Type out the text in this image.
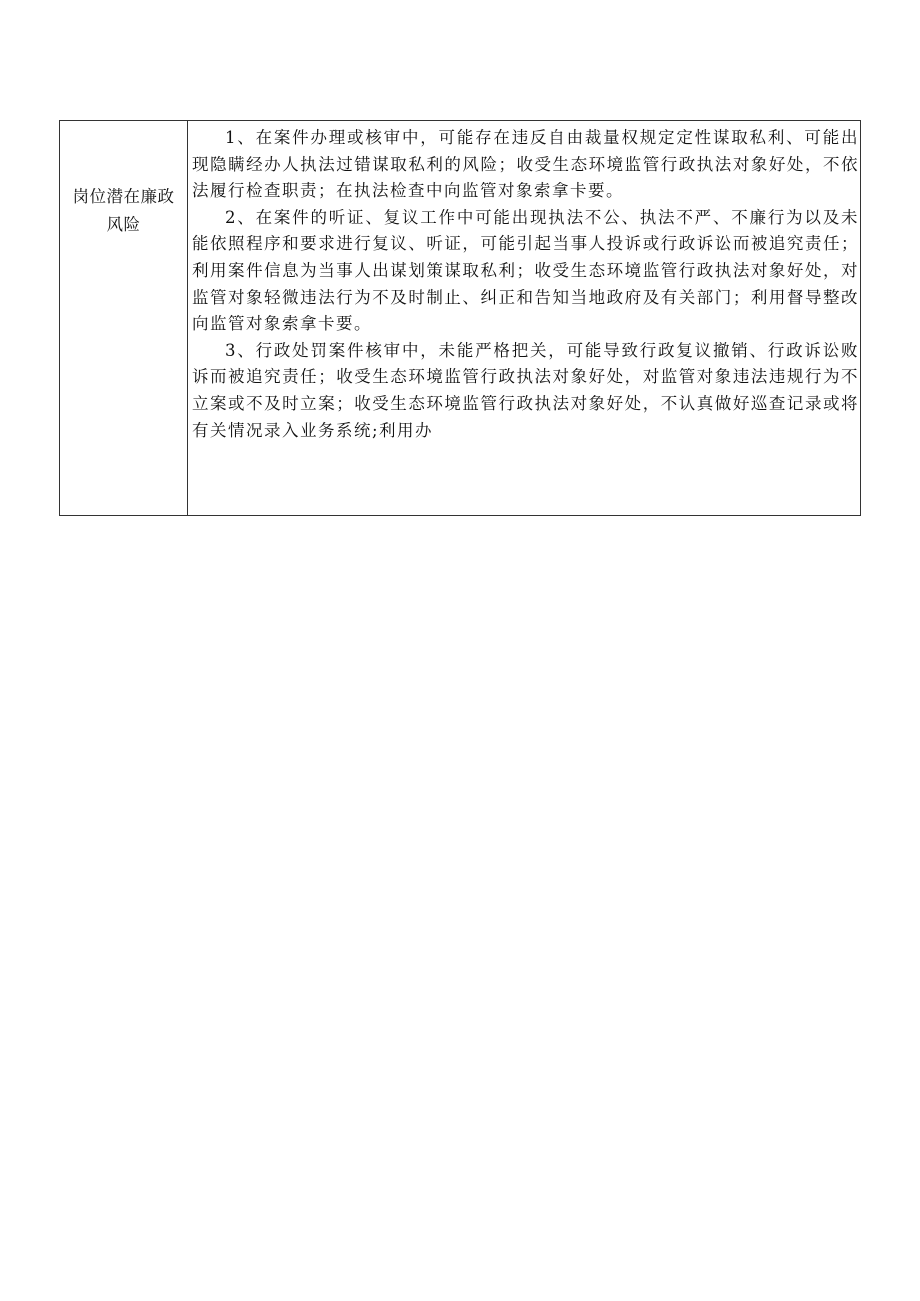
岗位潜在廉政
风险

1、在案件办理或核审中，可能存在违反自由裁量权规定定性谋取私利、可能出现隐瞒经办人执法过错谋取私利的风险；收受生态环境监管行政执法对象好处，不依法履行检查职责；在执法检查中向监管对象索拿卡要。

2、在案件的听证、复议工作中可能出现执法不公、执法不严、不廉行为以及未能依照程序和要求进行复议、听证，可能引起当事人投诉或行政诉讼而被追究责任；利用案件信息为当事人出谋划策谋取私利；收受生态环境监管行政执法对象好处，对监管对象轻微违法行为不及时制止、纠正和告知当地政府及有关部门；利用督导整改向监管对象索拿卡要。

3、行政处罚案件核审中，未能严格把关，可能导致行政复议撤销、行政诉讼败诉而被追究责任；收受生态环境监管行政执法对象好处，对监管对象违法违规行为不立案或不及时立案；收受生态环境监管行政执法对象好处，不认真做好巡查记录或将有关情况录入业务系统;利用办
